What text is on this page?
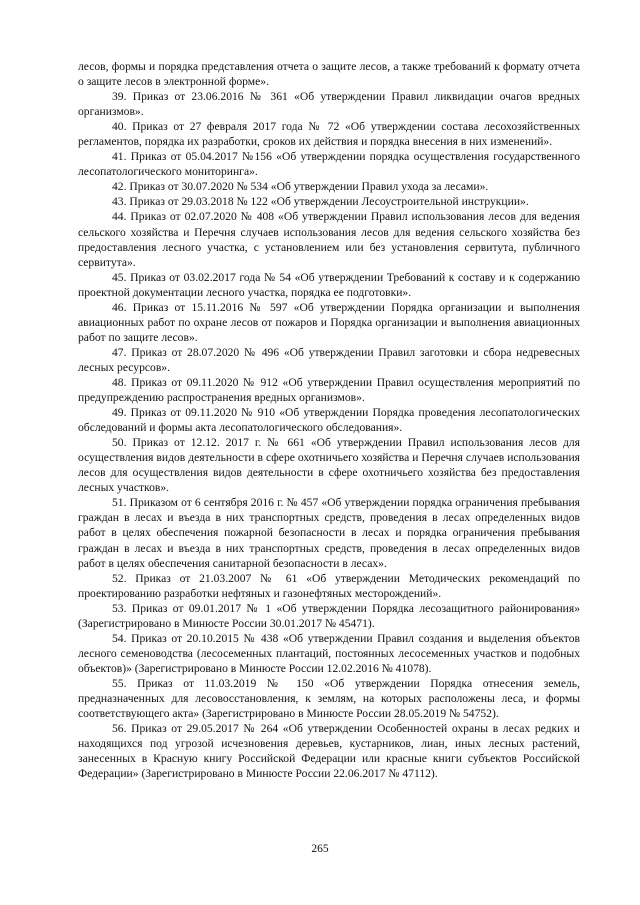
лесов, формы и порядка представления отчета о защите лесов, а также требований к формату отчета о защите лесов в электронной форме».

39. Приказ от 23.06.2016 № 361 «Об утверждении Правил ликвидации очагов вредных организмов».

40. Приказ от 27 февраля 2017 года № 72 «Об утверждении состава лесохозяйственных регламентов, порядка их разработки, сроков их действия и порядка внесения в них изменений».

41. Приказ от 05.04.2017 №156 «Об утверждении порядка осуществления государственного лесопатологического мониторинга».

42. Приказ от 30.07.2020 № 534 «Об утверждении Правил ухода за лесами».

43. Приказ от 29.03.2018 № 122 «Об утверждении Лесоустроительной инструкции».

44. Приказ от 02.07.2020 № 408 «Об утверждении Правил использования лесов для ведения сельского хозяйства и Перечня случаев использования лесов для ведения сельского хозяйства без предоставления лесного участка, с установлением или без установления сервитута, публичного сервитута».

45. Приказ от 03.02.2017 года № 54 «Об утверждении Требований к составу и к содержанию проектной документации лесного участка, порядка ее подготовки».

46. Приказ от 15.11.2016 № 597 «Об утверждении Порядка организации и выполнения авиационных работ по охране лесов от пожаров и Порядка организации и выполнения авиационных работ по защите лесов».

47. Приказ от 28.07.2020 № 496 «Об утверждении Правил заготовки и сбора недревесных лесных ресурсов».

48. Приказ от 09.11.2020 № 912 «Об утверждении Правил осуществления мероприятий по предупреждению распространения вредных организмов».

49. Приказ от 09.11.2020 № 910 «Об утверждении Порядка проведения лесопатологических обследований и формы акта лесопатологического обследования».

50. Приказ от 12.12. 2017 г. № 661 «Об утверждении Правил использования лесов для осуществления видов деятельности в сфере охотничьего хозяйства и Перечня случаев использования лесов для осуществления видов деятельности в сфере охотничьего хозяйства без предоставления лесных участков».

51. Приказом от 6 сентября 2016 г. № 457 «Об утверждении порядка ограничения пребывания граждан в лесах и въезда в них транспортных средств, проведения в лесах определенных видов работ в целях обеспечения пожарной безопасности в лесах и порядка ограничения пребывания граждан в лесах и въезда в них транспортных средств, проведения в лесах определенных видов работ в целях обеспечения санитарной безопасности в лесах».

52. Приказ от 21.03.2007 № 61 «Об утверждении Методических рекомендаций по проектированию разработки нефтяных и газонефтяных месторождений».

53. Приказ от 09.01.2017 № 1 «Об утверждении Порядка лесозащитного районирования» (Зарегистрировано в Минюсте России 30.01.2017 № 45471).

54. Приказ от 20.10.2015 № 438 «Об утверждении Правил создания и выделения объектов лесного семеноводства (лесосеменных плантаций, постоянных лесосеменных участков и подобных объектов)» (Зарегистрировано в Минюсте России 12.02.2016 № 41078).

55. Приказ от 11.03.2019 № 150 «Об утверждении Порядка отнесения земель, предназначенных для лесовосстановления, к землям, на которых расположены леса, и формы соответствующего акта» (Зарегистрировано в Минюсте России 28.05.2019 № 54752).

56. Приказ от 29.05.2017 № 264 «Об утверждении Особенностей охраны в лесах редких и находящихся под угрозой исчезновения деревьев, кустарников, лиан, иных лесных растений, занесенных в Красную книгу Российской Федерации или красные книги субъектов Российской Федерации» (Зарегистрировано в Минюсте России 22.06.2017 № 47112).

265
